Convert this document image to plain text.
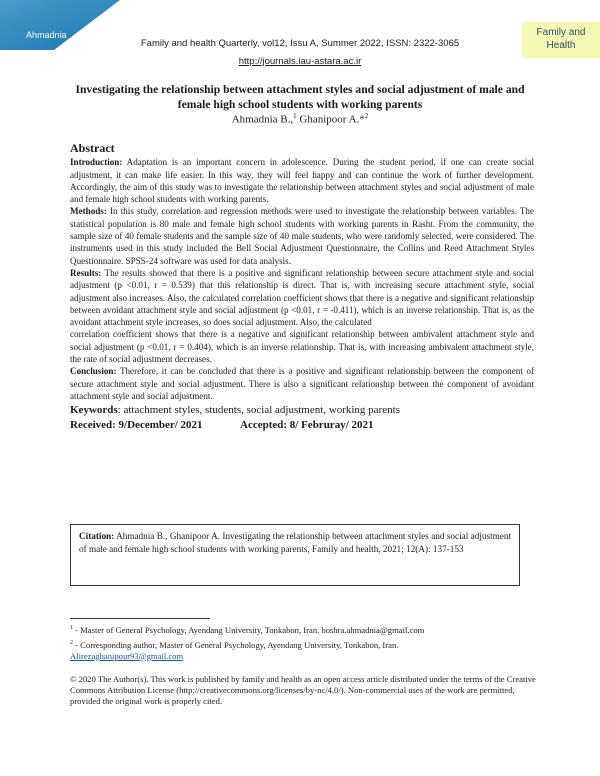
Ahmadnia	Family and
Health
Family and health Quarterly, vol12, Issu A, Summer 2022, ISSN: 2322-3065
http://journals.iau-astara.ac.ir
Investigating the relationship between attachment styles and social adjustment of male and
female high school students with working parents
Ahmadnia B.,$^1$ Ghanipoor A.*$^2$
Abstract

Introduction: Adaptation is an important concern in adolescence. During the student period, if one can create social adjustment, it can make life easier. In this way, they will feel happy and can continue the work of further development. Accordingly, the aim of this study was to investigate the relationship between attachment styles and social adjustment of male and female high school students with working parents.

Methods: In this study, correlation and regression methods were used to investigate the relationship between variables. The statistical population is 80 male and female high school students with working parents in Rasht. From the community, the sample size of 40 female students and the sample size of 40 male students, who were randomly selected, were considered. The instruments used in this study included the Bell Social Adjustment Questionnaire, the Collins and Reed Attachment Styles Questionnaire. SPSS-24 software was used for data analysis.

Results: The results showed that there is a positive and significant relationship between secure attachment style and social adjustment (p <0.01, r = 0.539) that this relationship is direct. That is, with increasing secure attachment style, social adjustment also increases. Also, the calculated correlation coefficient shows that there is a negative and significant relationship between avoidant attachment style and social adjustment (p <0.01, r = -0.411), which is an inverse relationship. That is, as the avoidant attachment style increases, so does social adjustment. Also, the calculated

correlation coefficient shows that there is a negative and significant relationship between ambivalent attachment style and social adjustment (p <0.01, r = 0.404), which is an inverse relationship. That is, with increasing ambivalent attachment style, the rate of social adjustment decreases.

Conclusion: Therefore, it can be concluded that there is a positive and significant relationship between the component of secure attachment style and social adjustment. There is also a significant relationship between the component of avoidant attachment style and social adjustment.

Keywords: attachment styles, students, social adjustment, working parents
Received: 9/December/ 2021	Accepted: 8/ Februray/ 2021
Citation: Ahmadnia B., Ghanipoor A. Investigating the relationship between attachment styles and social adjustment of male and female high school students with working parents, Family and health, 2021; 12(A): 137-153

$^1$ - Master of General Psychology, Ayendang University, Tonkabon, Iran. boshra.ahmadnia@gmail.com

$^2$ - Corresponding author, Master of General Psychology, Ayendang University, Tonkabon, Iran.
Alirezaghanipour93@gmail.com

© 2020 The Author(s). This work is published by family and health as an open access article distributed under the terms of the Creative Commons Attribution License (http://creativecommons.org/licenses/by-nc/4.0/). Non-commercial uses of the work are permitted, provided the original work is properly cited.
